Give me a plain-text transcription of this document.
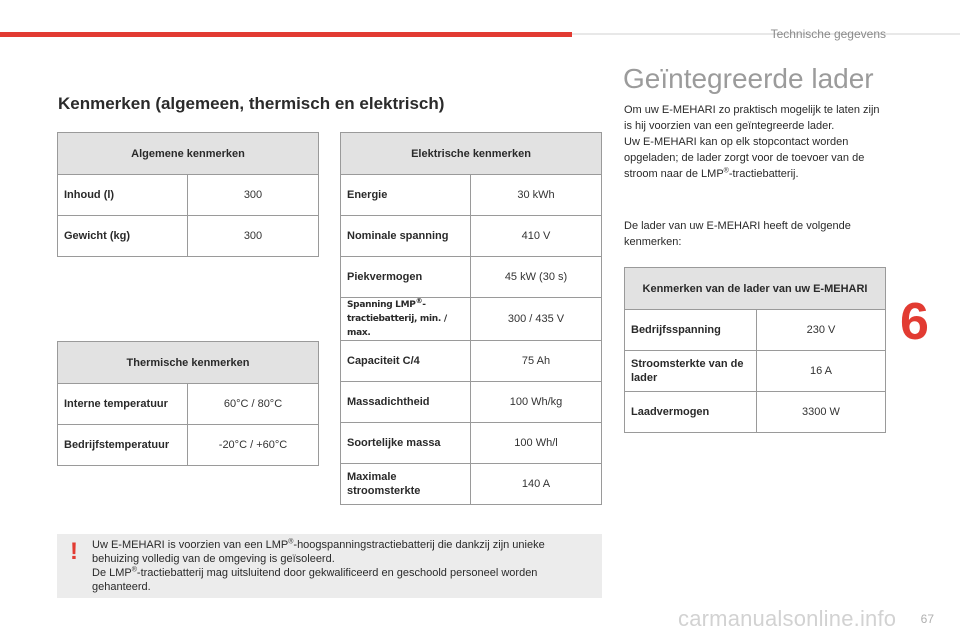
Technische gegevens
Kenmerken (algemeen, thermisch en elektrisch)
Algemene kenmerken	
Inhoud (l)	300
Gewicht (kg)	300
Thermische kenmerken	
Interne temperatuur	60°C / 80°C
Bedrijfstemperatuur	-20°C / +60°C
Elektrische kenmerken	
Energie	30 kWh
Nominale spanning	410 V
Piekvermogen	45 kW (30 s)
Spanning LMP®-tractiebatterij, min. / max.	300 / 435 V
Capaciteit C/4	75 Ah
Massadichtheid	100 Wh/kg
Soortelijke massa	100 Wh/l
Maximale stroomsterkte	140 A
! Uw E-MEHARI is voorzien van een LMP®-hoogspanningstractiebatterij die dankzij zijn unieke behuizing volledig van de omgeving is geïsoleerd.
De LMP®-tractiebatterij mag uitsluitend door gekwalificeerd en geschoold personeel worden gehanteerd.
Geïntegreerde lader
Om uw E-MEHARI zo praktisch mogelijk te laten zijn is hij voorzien van een geïntegreerde lader.
Uw E-MEHARI kan op elk stopcontact worden opgeladen; de lader zorgt voor de toevoer van de stroom naar de LMP®-tractiebatterij.
De lader van uw E-MEHARI heeft de volgende kenmerken:
Kenmerken van de lader van uw E-MEHARI	
Bedrijfsspanning	230 V
Stroomsterkte van de lader	16 A
Laadvermogen	3300 W
6
carmanualsonline.info 67
